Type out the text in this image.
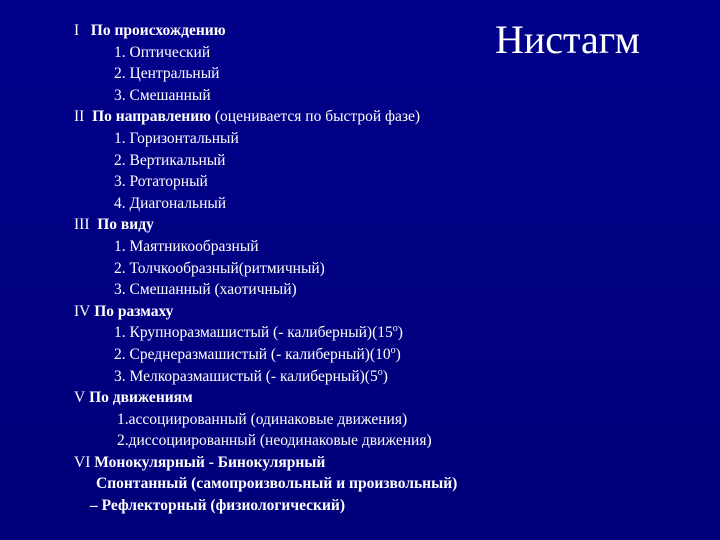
Нистагм
I По происхождению
1. Оптический
2. Центральный
3. Смешанный
II По направлению (оценивается по быстрой фазе)
1. Горизонтальный
2. Вертикальный
3. Ротаторный
4. Диагональный
III По виду
1. Маятникообразный
2. Толчкообразный(ритмичный)
3. Смешанный (хаотичный)
IV По размаху
1. Крупноразмашистый (- $калиберный)(15^о)$
2. Среднеразмашистый (- $калиберный)(10^о)$
3. Мелкоразмашистый (- $калиберный)(5^о)$
V По движениям
1.ассоциированный (одинаковые движения)
2.диссоциированный (неодинаковые движения)
VI Монокулярный - Бинокулярный
Спонтанный (самопроизвольный и произвольный)
– Рефлекторный (физиологический)
